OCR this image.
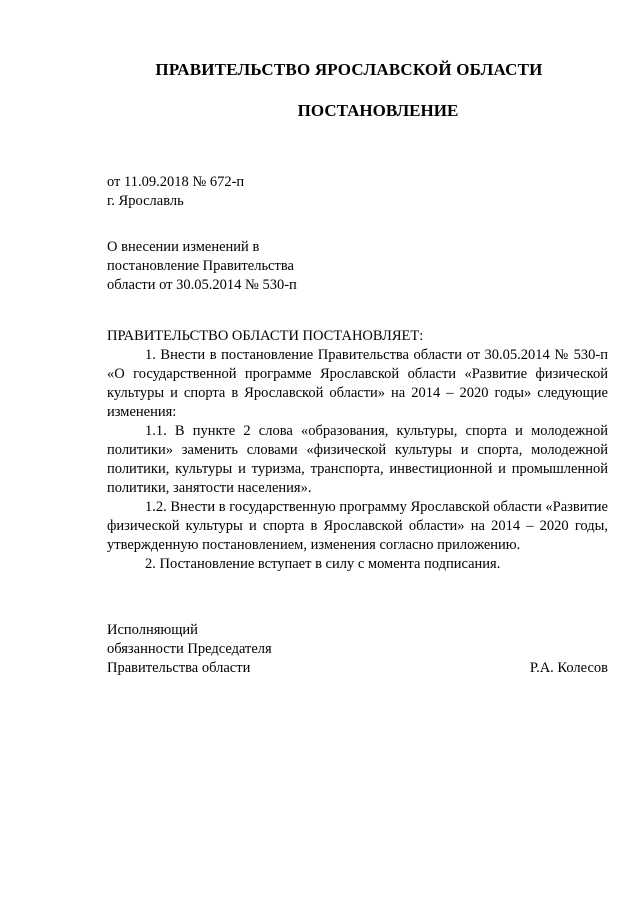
ПРАВИТЕЛЬСТВО ЯРОСЛАВСКОЙ ОБЛАСТИ
ПОСТАНОВЛЕНИЕ
от 11.09.2018 № 672-п
г. Ярославль
О внесении изменений в
постановление Правительства
области от 30.05.2014 № 530-п

ПРАВИТЕЛЬСТВО ОБЛАСТИ ПОСТАНОВЛЯЕТ:

1. Внести в постановление Правительства области от 30.05.2014 № 530-п «О государственной программе Ярославской области «Развитие физической культуры и спорта в Ярославской области» на 2014 – 2020 годы» следующие изменения:

1.1. В пункте 2 слова «образования, культуры, спорта и молодежной политики» заменить словами «физической культуры и спорта, молодежной политики, культуры и туризма, транспорта, инвестиционной и промышленной политики, занятости населения».

1.2. Внести в государственную программу Ярославской области «Развитие физической культуры и спорта в Ярославской области» на 2014 – 2020 годы, утвержденную постановлением, изменения согласно приложению.

2. Постановление вступает в силу с момента подписания.

Исполняющий
обязанности Председателя
Правительства области	Р.А. Колесов
